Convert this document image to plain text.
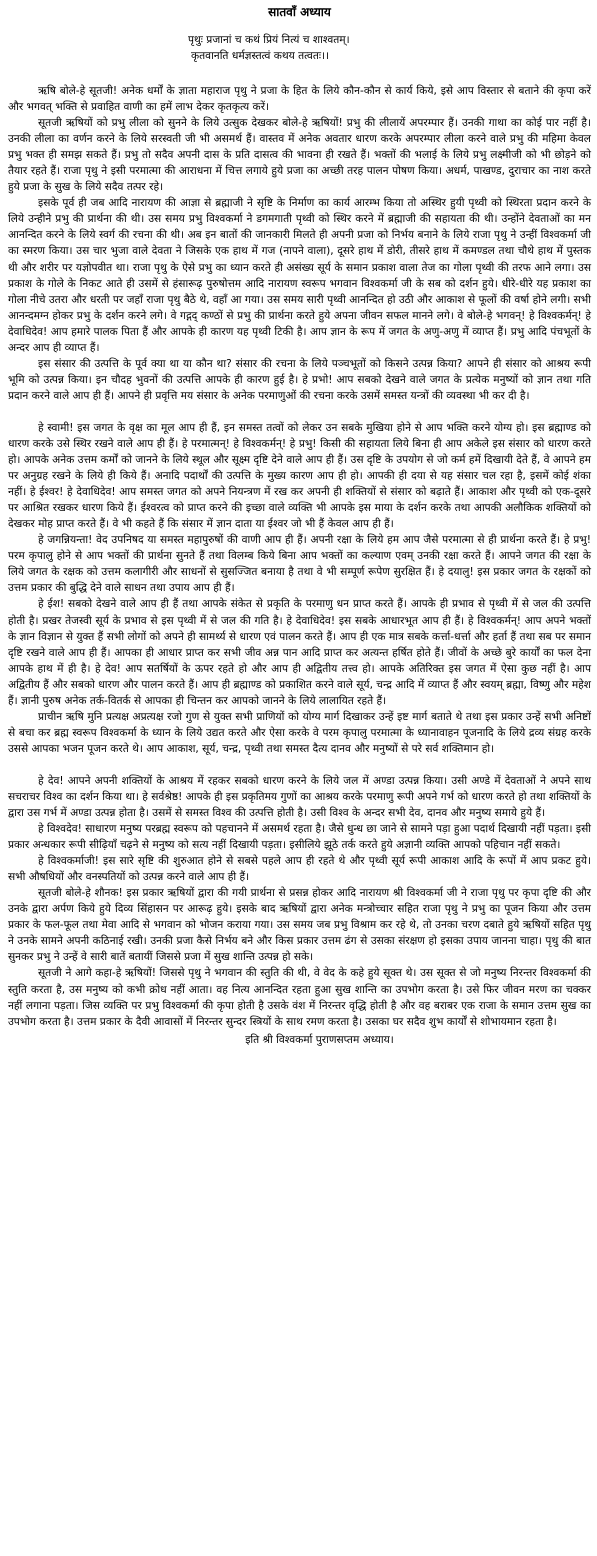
सातवाँ अध्याय
पृथुः प्रजानां च कथं प्रियं नित्यं च शाश्वतम्।
कृतवानति धर्मज्ञस्तत्वं कथय तत्वतः।।

ऋषि बोले-हे सूतजी! अनेक धर्मों के ज्ञाता महाराज पृथु ने प्रजा के हित के लिये कौन-कौन से कार्य किये, इसे आप विस्तार से बताने की कृपा करें और भगवत् भक्ति से प्रवाहित वाणी का हमें लाभ देकर कृतकृत्य करें।

सूतजी ऋषियों को प्रभु लीला को सुनने के लिये उत्सुक देखकर बोले-हे ऋषियों! प्रभु की लीलायें अपरम्पार हैं। उनकी गाथा का कोई पार नहीं है। उनकी लीला का वर्णन करने के लिये सरस्वती जी भी असमर्थ हैं। वास्तव में अनेक अवतार धारण करके अपरम्पार लीला करने वाले प्रभु की महिमा केवल प्रभु भक्त ही समझ सकते हैं। प्रभु तो सदैव अपनी दास के प्रति दासत्व की भावना ही रखते हैं। भक्तों की भलाई के लिये प्रभु लक्ष्मीजी को भी छोड़ने को तैयार रहते हैं। राजा पृथु ने इसी परमात्मा की आराधना में चित्त लगाये हुये प्रजा का अच्छी तरह पालन पोषण किया। अधर्म, पाखण्ड, दुराचार का नाश करते हुये प्रजा के सुख के लिये सदैव तत्पर रहे।

इसके पूर्व ही जब आदि नारायण की आज्ञा से ब्रह्माजी ने सृष्टि के निर्माण का कार्य आरम्भ किया तो अस्थिर हुयी पृथ्वी को स्थिरता प्रदान करने के लिये उन्हीने प्रभु की प्रार्थना की थी। उस समय प्रभु विश्वकर्मा ने डगमगाती पृथ्वी को स्थिर करने में ब्रह्माजी की सहायता की थी। उन्होंने देवताओं का मन आनन्दित करने के लिये स्वर्ग की रचना की थी। अब इन बातों की जानकारी मिलते ही अपनी प्रजा को निर्भय बनाने के लिये राजा पृथु ने उन्हीं विश्वकर्मा जी का स्मरण किया। उस चार भुजा वाले देवता ने जिसके एक हाथ में गज (नापने वाला), दूसरे हाथ में डोरी, तीसरे हाथ में कमण्डल तथा चौथे हाथ में पुस्तक थी और शरीर पर यज्ञोपवीत था। राजा पृथु के ऐसे प्रभु का ध्यान करते ही असंख्य सूर्य के समान प्रकाश वाला तेज का गोला पृथ्वी की तरफ आने लगा। उस प्रकाश के गोले के निकट आते ही उसमें से हंसारूढ़ पुरुषोत्तम आदि नारायण स्वरूप भगवान विश्वकर्मा जी के सब को दर्शन हुये। धीरे-धीरे यह प्रकाश का गोला नीचे उतरा और धरती पर जहाँ राजा पृथु बैठे थे, वहाँ आ गया। उस समय सारी पृथ्वी आनन्दित हो उठी और आकाश से फूलों की वर्षा होने लगी। सभी आनन्दमग्न होकर प्रभु के दर्शन करने लगे। वे गद्गद् कण्ठों से प्रभु की प्रार्थना करते हुये अपना जीवन सफल मानने लगे। वे बोले-हे भगवन्! हे विश्वकर्मन्! हे देवाधिदेव! आप हमारे पालक पिता हैं और आपके ही कारण यह पृथ्वी टिकी है। आप ज्ञान के रूप में जगत के अणु-अणु में व्याप्त हैं। प्रभु आदि पंचभूतों के अन्दर आप ही व्याप्त हैं।

इस संसार की उत्पत्ति के पूर्व क्या था या कौन था? संसार की रचना के लिये पञ्चभूतों को किसने उत्पन्न किया? आपने ही संसार को आश्रय रूपी भूमि को उत्पन्न किया। इन चौदह भुवनों की उत्पत्ति आपके ही कारण हुई है। हे प्रभो! आप सबको देखने वाले जगत के प्रत्येक मनुष्यों को ज्ञान तथा गति प्रदान करने वाले आप ही हैं। आपने ही प्रवृत्ति मय संसार के अनेक परमाणुओं की रचना करके उसमें समस्त यन्त्रों की व्यवस्था भी कर दी है।

हे स्वामी! इस जगत के वृक्ष का मूल आप ही हैं, इन समस्त तत्वों को लेकर उन सबके मुखिया होने से आप भक्ति करने योग्य हो। इस ब्रह्माण्ड को धारण करके उसे स्थिर रखने वाले आप ही हैं। हे परमात्मन्! हे विश्वकर्मन्! हे प्रभु! किसी की सहायता लिये बिना ही आप अकेले इस संसार को धारण करते हो। आपके अनेक उत्तम कर्मों को जानने के लिये स्थूल और सूक्ष्म दृष्टि देने वाले आप ही हैं। उस दृष्टि के उपयोग से जो कर्म हमें दिखायी देते हैं, वे आपने हम पर अनुग्रह रखने के लिये ही किये हैं। अनादि पदार्थों की उत्पत्ति के मुख्य कारण आप ही हो। आपकी ही दया से यह संसार चल रहा है, इसमें कोई शंका नहीं। हे ईश्वर! हे देवाधिदेव! आप समस्त जगत को अपने नियन्त्रण में रख कर अपनी ही शक्तियों से संसार को बढ़ाते हैं। आकाश और पृथ्वी को एक-दूसरे पर आश्रित रखकर धारण किये हैं। ईश्वरत्व को प्राप्त करने की इच्छा वाले व्यक्ति भी आपके इस माया के दर्शन करके तथा आपकी अलौकिक शक्तियों को देखकर मोह प्राप्त करते हैं। वे भी कहते हैं कि संसार में ज्ञान दाता या ईश्वर जो भी हैं केवल आप ही हैं।

हे जगन्नियन्ता! वेद उपनिषद या समस्त महापुरुषों की वाणी आप ही हैं। अपनी रक्षा के लिये हम आप जैसे परमात्मा से ही प्रार्थना करते हैं। हे प्रभु! परम कृपालु होने से आप भक्तों की प्रार्थना सुनते हैं तथा विलम्ब किये बिना आप भक्तों का कल्याण एवम् उनकी रक्षा करते हैं। आपने जगत की रक्षा के लिये जगत के रक्षक को उत्तम कलागीरी और साधनों से सुसज्जित बनाया है तथा वे भी सम्पूर्ण रूपेण सुरक्षित हैं। हे दयालु! इस प्रकार जगत के रक्षकों को उत्तम प्रकार की बुद्धि देने वाले साधन तथा उपाय आप ही हैं।

हे ईश! सबको देखने वाले आप ही हैं तथा आपके संकेत से प्रकृति के परमाणु धन प्राप्त करते हैं। आपके ही प्रभाव से पृथ्वी में से जल की उत्पत्ति होती है। प्रखर तेजस्वी सूर्य के प्रभाव से इस पृथ्वी में से जल की गति है। हे देवाधिदेव! इस सबके आधारभूत आप ही हैं। हे विश्वकर्मन्! आप अपने भक्तों के ज्ञान विज्ञान से युक्त हैं सभी लोगों को अपने ही सामर्थ्य से धारण एवं पालन करते हैं। आप ही एक मात्र सबके कर्त्ता-धर्त्ता और हर्ता हैं तथा सब पर समान दृष्टि रखने वाले आप ही हैं। आपका ही आधार प्राप्त कर सभी जीव अन्न पान आदि प्राप्त कर अत्यन्त हर्षित होते हैं। जीवों के अच्छे बुरे कार्यों का फल देना आपके हाथ में ही है। हे देव! आप सतर्षियों के ऊपर रहते हो और आप ही अद्वितीय तत्त्व हो। आपके अतिरिक्त इस जगत में ऐसा कुछ नहीं है। आप अद्वितीय हैं और सबको धारण और पालन करते हैं। आप ही ब्रह्माण्ड को प्रकाशित करने वाले सूर्य, चन्द्र आदि में व्याप्त हैं और स्वयम् ब्रह्मा, विष्णु और महेश हैं। ज्ञानी पुरुष अनेक तर्क-वितर्क से आपका ही चिन्तन कर आपको जानने के लिये लालायित रहते हैं।

प्राचीन ऋषि मुनि प्रत्यक्ष अप्रत्यक्ष रजो गुण से युक्त सभी प्राणियों को योग्य मार्ग दिखाकर उन्हें इष्ट मार्ग बताते थे तथा इस प्रकार उन्हें सभी अनिष्टों से बचा कर ब्रह्म स्वरूप विश्वकर्मा के ध्यान के लिये उद्यत करते और ऐसा करके वे परम कृपालु परमात्मा के ध्यानावाहन पूजनादि के लिये द्रव्य संग्रह करके उससे आपका भजन पूजन करते थे। आप आकाश, सूर्य, चन्द्र, पृथ्वी तथा समस्त दैत्य दानव और मनुष्यों से परे सर्व शक्तिमान हो।

हे देव! आपने अपनी शक्तियों के आश्रय में रहकर सबको धारण करने के लिये जल में अण्डा उत्पन्न किया। उसी अण्डे में देवताओं ने अपने साथ सचराचर विश्व का दर्शन किया था। हे सर्वश्रेष्ठ! आपके ही इस प्रकृतिमय गुणों का आश्रय करके परमाणु रूपी अपने गर्भ को धारण करते हो तथा शक्तियों के द्वारा उस गर्भ में अण्डा उत्पन्न होता है। उसमें से समस्त विश्व की उत्पत्ति होती है। उसी विश्व के अन्दर सभी देव, दानव और मनुष्य समाये हुये हैं।

हे विश्वदेव! साधारण मनुष्य परब्रह्म स्वरूप को पहचानने में असमर्थ रहता है। जैसे धुन्ध छा जाने से सामने पड़ा हुआ पदार्थ दिखायी नहीं पड़ता। इसी प्रकार अन्धकार रूपी सीढ़ियाँ चढ़ने से मनुष्य को सत्य नहीं दिखायी पड़ता। इसीलिये झूठे तर्क करते हुये अज्ञानी व्यक्ति आपको पहिचान नहीं सकते।

हे विश्वकर्माजी! इस सारे सृष्टि की शुरुआत होने से सबसे पहले आप ही रहते थे और पृथ्वी सूर्य रूपी आकाश आदि के रूपों में आप प्रकट हुये। सभी औषधियों और वनस्पतियों को उत्पन्न करने वाले आप ही हैं।

सूतजी बोले-हे शौनक! इस प्रकार ऋषियों द्वारा की गयी प्रार्थना से प्रसन्न होकर आदि नारायण श्री विश्वकर्मा जी ने राजा पृथु पर कृपा दृष्टि की और उनके द्वारा अर्पण किये हुये दिव्य सिंहासन पर आरूढ़ हुये। इसके बाद ऋषियों द्वारा अनेक मन्त्रोच्चार सहित राजा पृथु ने प्रभु का पूजन किया और उत्तम प्रकार के फल-फूल तथा मेवा आदि से भगवान को भोजन कराया गया। उस समय जब प्रभु विश्राम कर रहे थे, तो उनका चरण दबाते हुये ऋषियों सहित पृथु ने उनके सामने अपनी कठिनाई रखी। उनकी प्रजा कैसे निर्भय बने और किस प्रकार उत्तम ढंग से उसका संरक्षण हो इसका उपाय जानना चाहा। पृथु की बात सुनकर प्रभु ने उन्हें वे सारी बातें बतायीं जिससे प्रजा में सुख शान्ति उत्पन्न हो सके।

सूतजी ने आगे कहा-हे ऋषियों! जिससे पृथु ने भगवान की स्तुति की थी, वे वेद के कहे हुये सूक्त थे। उस सूक्त से जो मनुष्य निरन्तर विश्वकर्मा की स्तुति करता है, उस मनुष्य को कभी क्रोध नहीं आता। वह नित्य आनन्दित रहता हुआ सुख शान्ति का उपभोग करता है। उसे फिर जीवन मरण का चक्कर नहीं लगाना पड़ता। जिस व्यक्ति पर प्रभु विश्वकर्मा की कृपा होती है उसके वंश में निरन्तर वृद्धि होती है और वह बराबर एक राजा के समान उत्तम सुख का उपभोग करता है। उत्तम प्रकार के दैवी आवासों में निरन्तर सुन्दर स्त्रियों के साथ रमण करता है। उसका घर सदैव शुभ कार्यों से शोभायमान रहता है।

इति श्री विश्वकर्मा पुराणसप्तम अध्याय।
